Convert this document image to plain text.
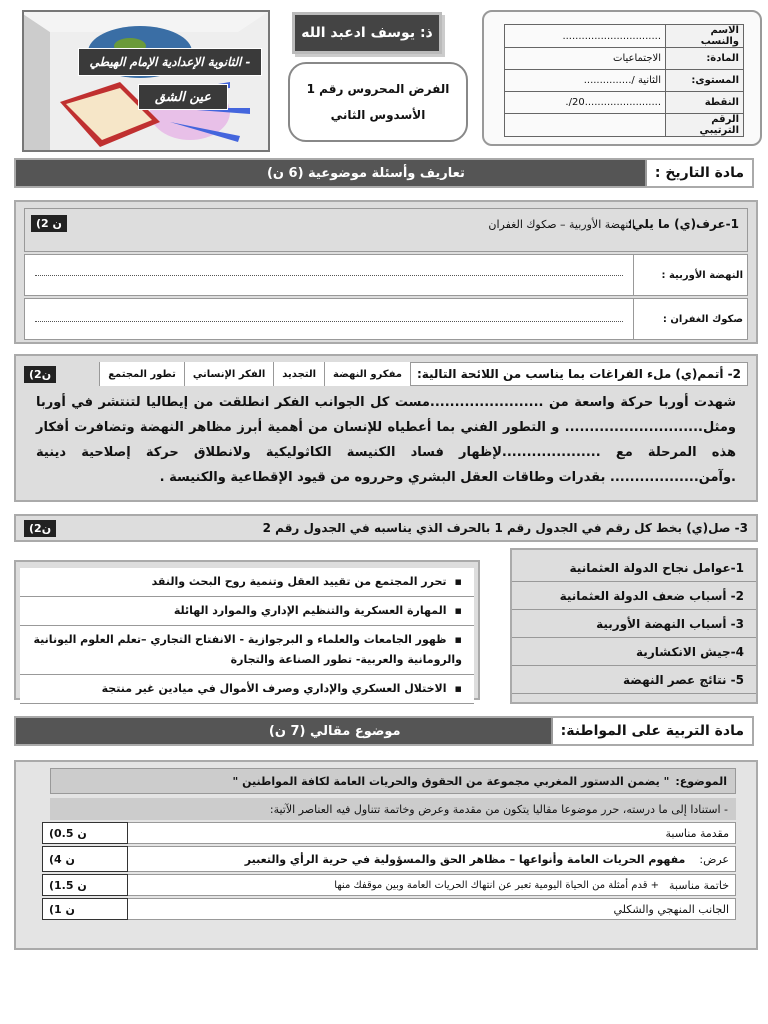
الاسم والنسب	...............................
المادة:	الاجتماعيات
المستوى:	الثانية /...............
النقطة	........................20/.
الرقم الترتيبي	
ذ: يوسف ادعبد الله
الفرض المحروس رقم 1
الأسدوس الثاني
- الثانوية الإعدادية الإمام الهيطي
عين الشق
مادة التاريخ :
تعاريف وأسئلة موضوعية (6 ن)
1-عرف(ي) ما يلي:
النهضة الأوربية – صكوك الغفران
(2 ن
النهضة الأوربية :
صكوك الغفران :
2- أتمم(ي) ملء الفراغات بما يناسب من اللائحة التالية:
مفكرو النهضة
التجديد
الفكر الإنساني
تطور المجتمع
(2ن

شهدت أوربا حركة واسعة من .......................مست كل الجوانب الفكر انطلقت من إيطاليا لتنتشر في أوربا ومثل............................ و التطور الفني بما أعطياه للإنسان من أهمية أبرز مظاهر النهضة وتضافرت أفكار هذه المرحلة مع ....................لإظهار فساد الكنيسة الكاثوليكية ولانطلاق حركة إصلاحية دينية .وآمن.................. بقدرات وطاقات العقل البشري وحرروه من قيود الإقطاعية والكنيسة .

3- صل(ي) بخط كل رقم في الجدول رقم 1 بالحرف الذي يناسبه في الجدول رقم 2
(2ن
1-عوامل نجاح الدولة العثمانية
2- أسباب ضعف الدولة العثمانية
3- أسباب النهضة الأوربية
4-جيش الانكشارية
5- نتائج عصر النهضة
▪ تحرر المجتمع من تقييد العقل وتنمية روح البحث والنقد
▪ المهارة العسكرية والتنظيم الإداري والموارد الهائلة
▪ ظهور الجامعات والعلماء و البرجوازية - الانفتاح التجاري –تعلم العلوم اليونانية والرومانية والعربية- تطور الصناعة والتجارة
▪ الاختلال العسكري والإداري وصرف الأموال في ميادين غير منتجة
مادة التربية على المواطنة:
موضوع مقالي (7 ن)
الموضوع:
" يضمن الدستور المغربي مجموعة من الحقوق والحريات العامة لكافة المواطنين "
- استنادا إلى ما درسته، حرر موضوعا مقاليا يتكون من مقدمة وعرض وخاتمة تتناول فيه العناصر الآتية:
مقدمة مناسبة
(0.5 ن
عرض:
مفهوم الحريات العامة وأنواعها – مظاهر الحق والمسؤولية في حرية الرأي والتعبير
(4 ن
خاتمة مناسبة
+ قدم أمثلة من الحياة اليومية تعبر عن انتهاك الحريات العامة وبين موقفك منها
(1.5 ن
الجانب المنهجي والشكلي
(1 ن
